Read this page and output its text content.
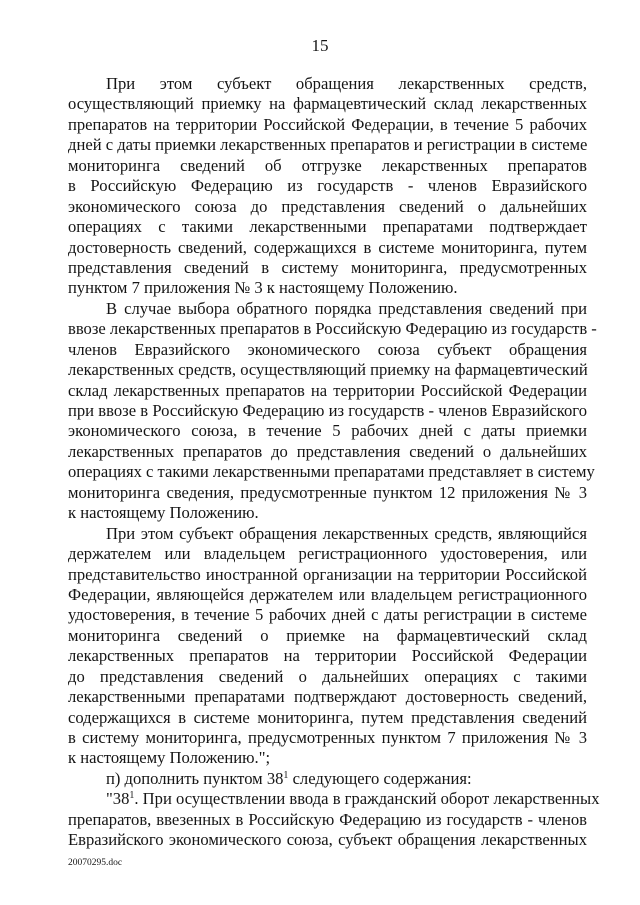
15
При этом субъект обращения лекарственных средств,
осуществляющий приемку на фармацевтический склад лекарственных
препаратов на территории Российской Федерации, в течение 5 рабочих
дней с даты приемки лекарственных препаратов и регистрации в системе
мониторинга сведений об отгрузке лекарственных препаратов
в Российскую Федерацию из государств - членов Евразийского
экономического союза до представления сведений о дальнейших
операциях с такими лекарственными препаратами подтверждает
достоверность сведений, содержащихся в системе мониторинга, путем
представления сведений в систему мониторинга, предусмотренных
пунктом 7 приложения № 3 к настоящему Положению.
В случае выбора обратного порядка представления сведений при
ввозе лекарственных препаратов в Российскую Федерацию из государств -
членов Евразийского экономического союза субъект обращения
лекарственных средств, осуществляющий приемку на фармацевтический
склад лекарственных препаратов на территории Российской Федерации
при ввозе в Российскую Федерацию из государств - членов Евразийского
экономического союза, в течение 5 рабочих дней с даты приемки
лекарственных препаратов до представления сведений о дальнейших
операциях с такими лекарственными препаратами представляет в систему
мониторинга сведения, предусмотренные пунктом 12 приложения № 3
к настоящему Положению.
При этом субъект обращения лекарственных средств, являющийся
держателем или владельцем регистрационного удостоверения, или
представительство иностранной организации на территории Российской
Федерации, являющейся держателем или владельцем регистрационного
удостоверения, в течение 5 рабочих дней с даты регистрации в системе
мониторинга сведений о приемке на фармацевтический склад
лекарственных препаратов на территории Российской Федерации
до представления сведений о дальнейших операциях с такими
лекарственными препаратами подтверждают достоверность сведений,
содержащихся в системе мониторинга, путем представления сведений
в систему мониторинга, предусмотренных пунктом 7 приложения № 3
к настоящему Положению.";
п) дополнить пунктом $38^1$ следующего содержания:
"$38^1$. При осуществлении ввода в гражданский оборот лекарственных
препаратов, ввезенных в Российскую Федерацию из государств - членов
Евразийского экономического союза, субъект обращения лекарственных
20070295.doc
